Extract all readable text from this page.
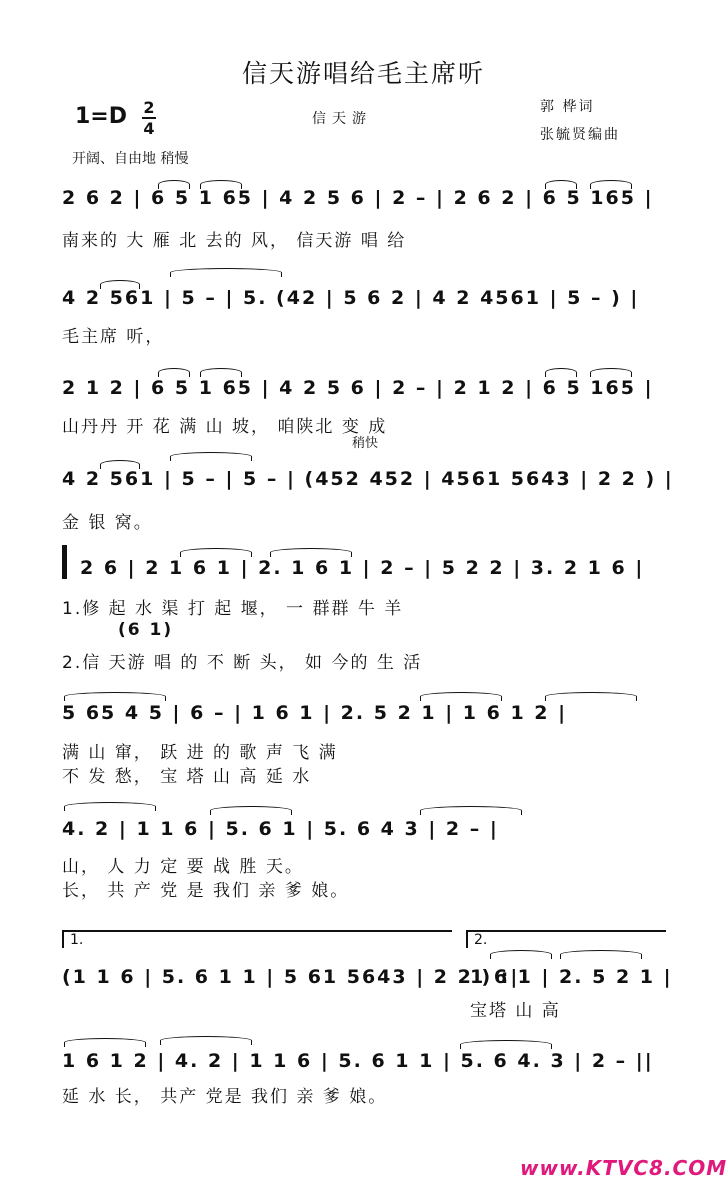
信天游唱给毛主席听
1=D 2
4	信天游
郭 桦词
张毓贤编曲
开阔、自由地 稍慢
2 6 2 | 6 5 1 65 | 4 2 5 6 | 2 – | 2 6 2 | 6 5 165 |
南来的 大 雁 北 去的 风， 信天游 唱 给
4 2 561 | 5 – | 5. (42 | 5 6 2 | 4 2 4561 | 5 – ) |
毛主席 听，
2 1 2 | 6 5 1 65 | 4 2 5 6 | 2 – | 2 1 2 | 6 5 165 |
山丹丹 开 花 满 山 坡， 咱陕北 变 成
稍快
4 2 561 | 5 – | 5 – | (452 452 | 4561 5643 | 2 2 ) |
金 银 窝。
2 6 | 2 1 6 1 | 2. 1 6 1 | 2 – | 5 2 2 | 3. 2 1 6 |
1.修 起 水 渠 打 起 堰， 一 群群 牛 羊
(6 1)
2.信 天游 唱 的 不 断 头， 如 今的 生 活
5 65 4 5 | 6 – | 1 6 1 | 2. 5 2 1 | 1 6 1 2 |
满 山 窜， 跃 进 的 歌 声 飞 满
不 发 愁， 宝 塔 山 高 延 水
4. 2 | 1 1 6 | 5. 6 1 | 5. 6 4 3 | 2 – |
山， 人 力 定 要 战 胜 天。
长， 共 产 党 是 我们 亲 爹 娘。
1.	2.
(1 1 6 | 5. 6 1 1 | 5 61 5643 | 2 2 ) :|
1 6 1 | 2. 5 2 1 |
宝塔 山 高
1 6 1 2 | 4. 2 | 1 1 6 | 5. 6 1 1 | 5. 6 4. 3 | 2 – ||
延 水 长， 共产 党是 我们 亲 爹 娘。
www.KTVC8.COM
